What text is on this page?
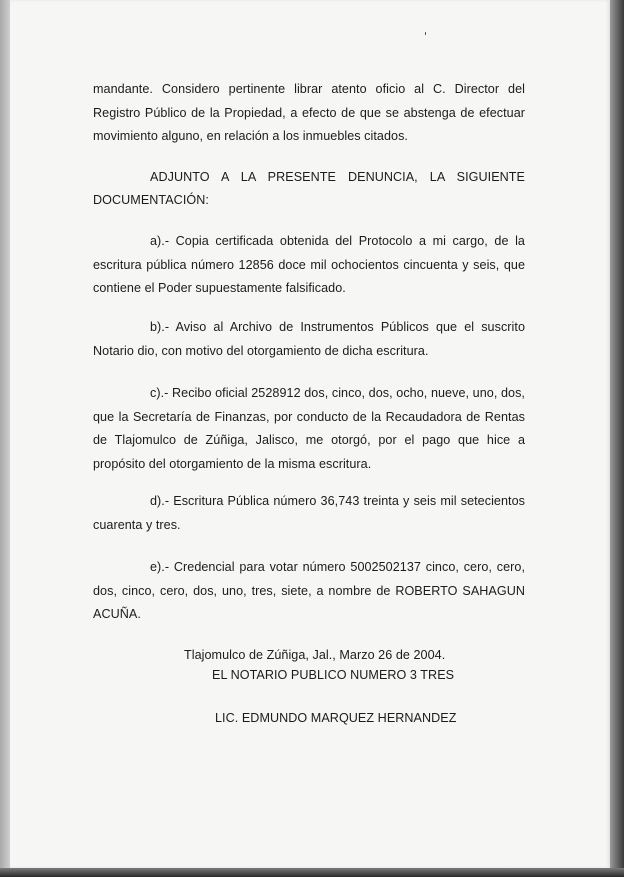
mandante. Considero pertinente librar atento oficio al C. Director del Registro Público de la Propiedad, a efecto de que se abstenga de efectuar movimiento alguno, en relación a los inmuebles citados.
ADJUNTO A LA PRESENTE DENUNCIA, LA SIGUIENTE
DOCUMENTACIÓN:
a).- Copia certificada obtenida del Protocolo a mi cargo, de la escritura pública número 12856 doce mil ochocientos cincuenta y seis, que contiene el Poder supuestamente falsificado.
b).- Aviso al Archivo de Instrumentos Públicos que el suscrito Notario dio, con motivo del otorgamiento de dicha escritura.
c).- Recibo oficial 2528912 dos, cinco, dos, ocho, nueve, uno, dos, que la Secretaría de Finanzas, por conducto de la Recaudadora de Rentas de Tlajomulco de Zúñiga, Jalisco, me otorgó, por el pago que hice a propósito del otorgamiento de la misma escritura.
d).- Escritura Pública número 36,743 treinta y seis mil setecientos cuarenta y tres.
e).- Credencial para votar número 5002502137 cinco, cero, cero, dos, cinco, cero, dos, uno, tres, siete, a nombre de ROBERTO SAHAGUN ACUÑA.
Tlajomulco de Zúñiga, Jal., Marzo 26 de 2004.
EL NOTARIO PUBLICO NUMERO 3 TRES
LIC. EDMUNDO MARQUEZ HERNANDEZ
